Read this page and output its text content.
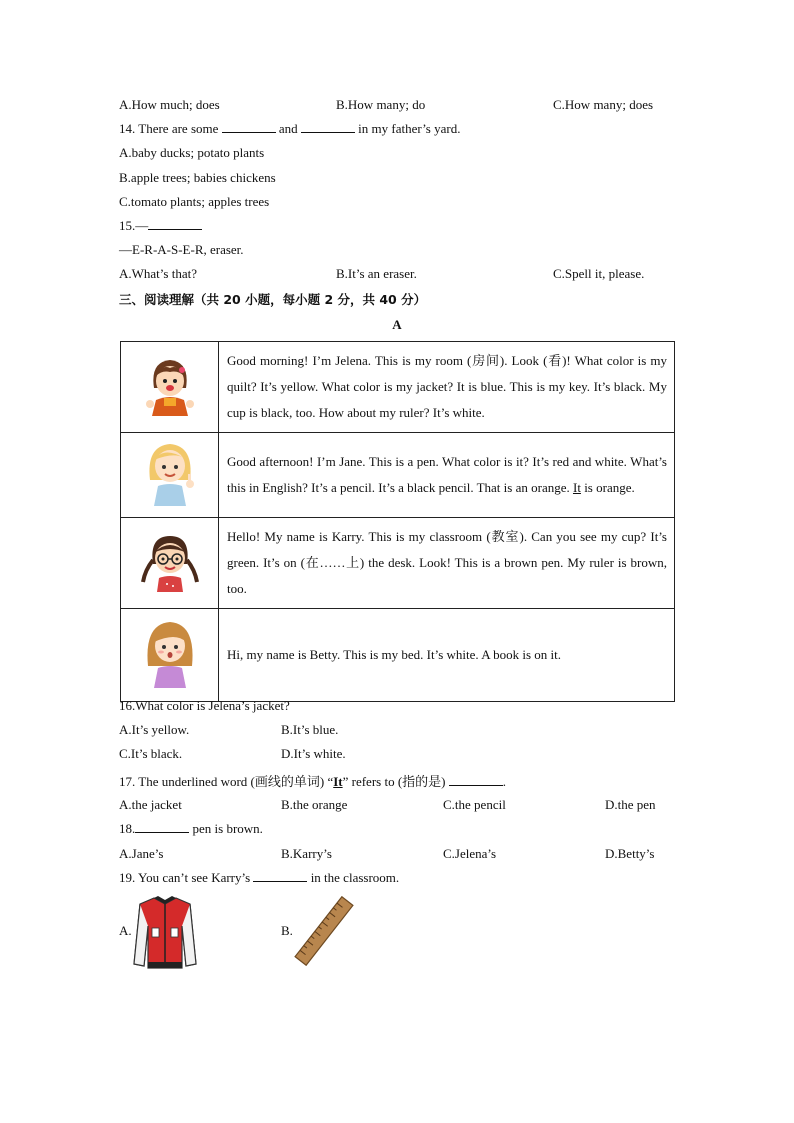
A.How much; does	B.How many; do	C.How many; does
14. There are some	and	in my father’s yard.
A.baby ducks; potato plants
B.apple trees; babies chickens
C.tomato plants; apples trees
15.—
—E-R-A-S-E-R, eraser.
A.What’s that?	B.It’s an eraser.	C.Spell it, please.
三、阅读理解（共 20 小题，每小题 2 分，共 40 分）
A
	Good morning! I’m Jelena. This is my room (房间). Look (看)! What color is my quilt? It’s yellow. What color is my jacket? It is blue. This is my key. It’s black. My cup is black, too. How about my ruler? It’s white.
	Good afternoon! I’m Jane. This is a pen. What color is it? It’s red and white. What’s this in English? It’s a pencil. It’s a black pencil. That is an orange. It is orange.
	Hello! My name is Karry. This is my classroom (教室). Can you see my cup? It’s green. It’s on (在……上) the desk. Look! This is a brown pen. My ruler is brown, too.
	Hi, my name is Betty. This is my bed. It’s white. A book is on it.
16.What color is Jelena’s jacket?
A.It’s yellow.	B.It’s blue.
C.It’s black.	D.It’s white.
17. The underlined word (画线的单词) “It” refers to (指的是)	.
A.the jacket	B.the orange	C.the pencil	D.the pen
18.	pen is brown.
A.Jane’s	B.Karry’s	C.Jelena’s	D.Betty’s
19. You can’t see Karry’s	in the classroom.
A.	B.
